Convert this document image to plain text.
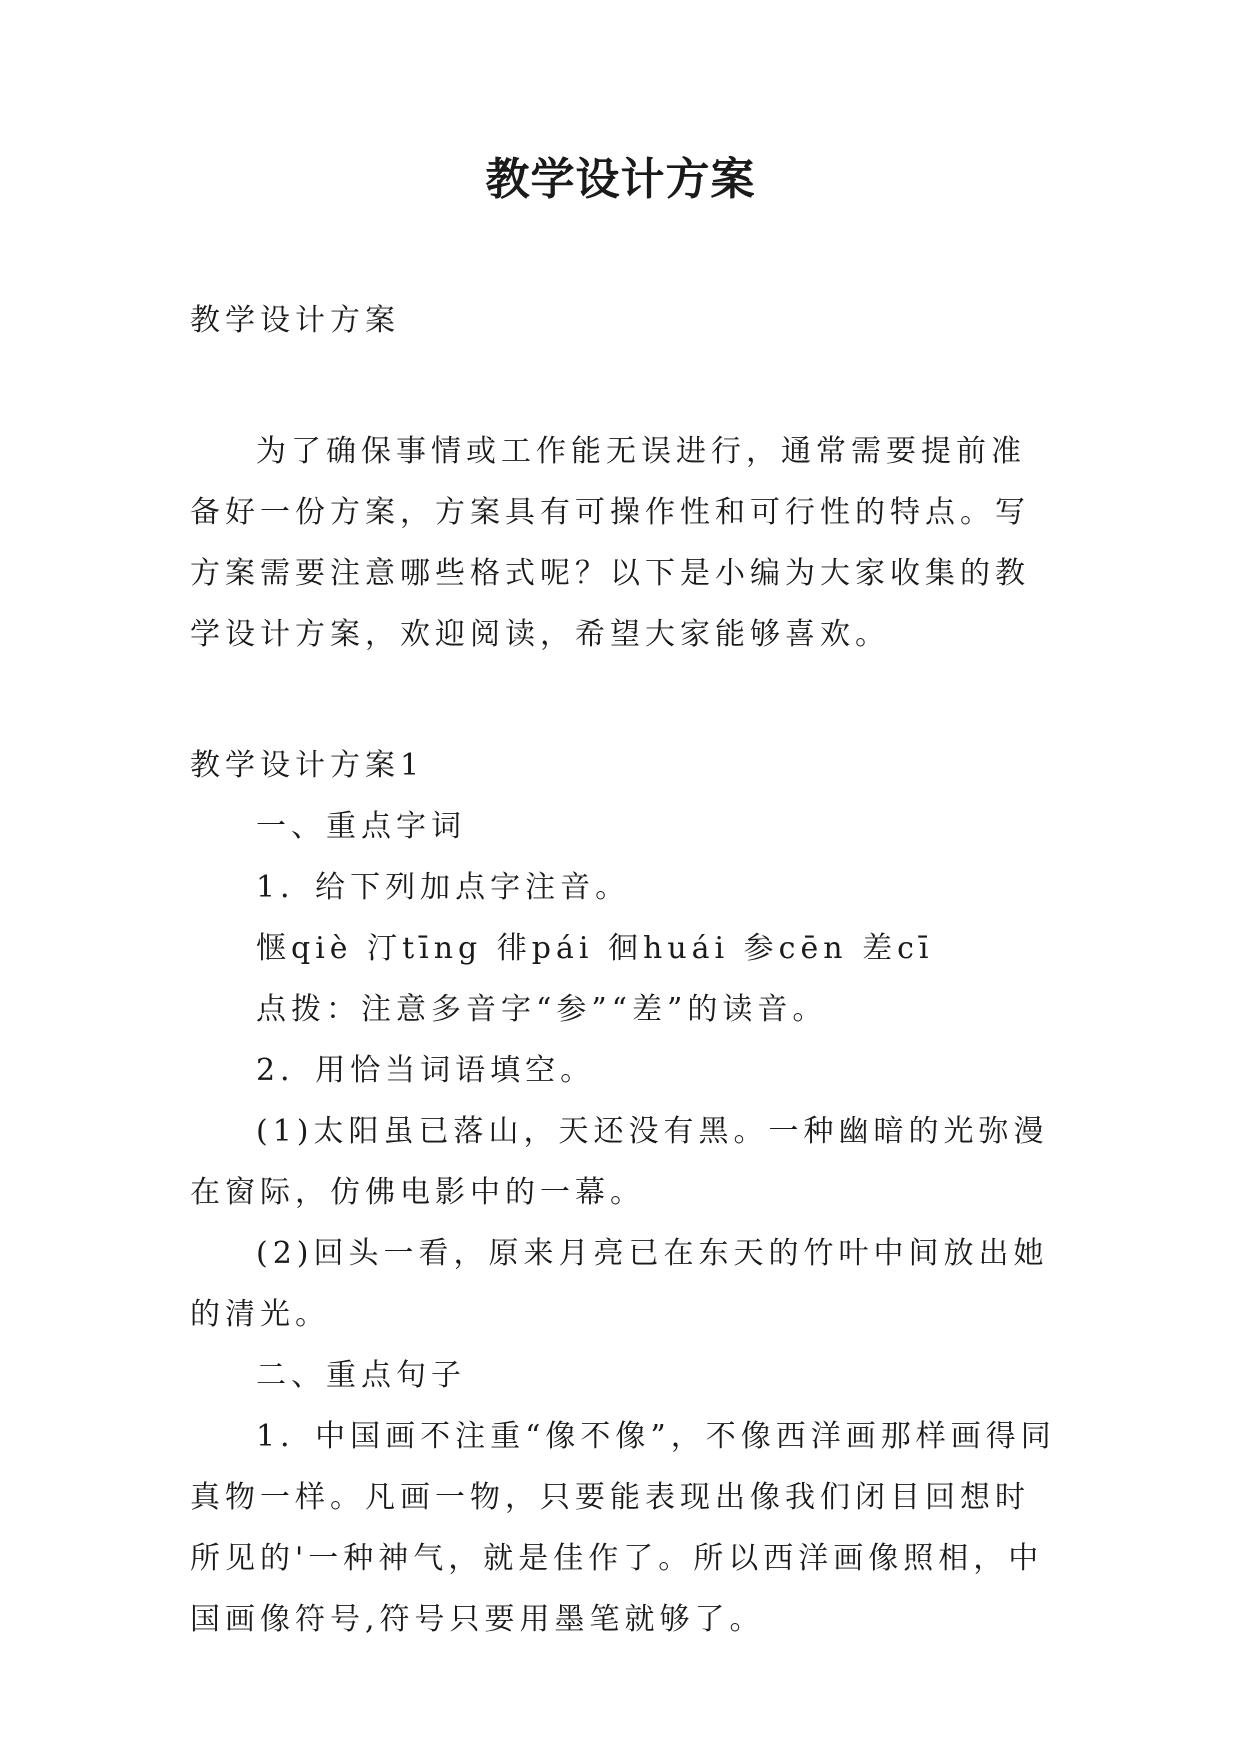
教学设计方案

教学设计方案

为了确保事情或工作能无误进行，通常需要提前准备好一份方案，方案具有可操作性和可行性的特点。写方案需要注意哪些格式呢？以下是小编为大家收集的教学设计方案，欢迎阅读，希望大家能够喜欢。

教学设计方案1

一、重点字词

1．给下列加点字注音。

惬qiè 汀tīng 徘pái 徊huái 参cēn 差cī

点拨：注意多音字“参”“差”的读音。

2．用恰当词语填空。

(1)太阳虽已落山，天还没有黑。一种幽暗的光弥漫在窗际，仿佛电影中的一幕。

(2)回头一看，原来月亮已在东天的竹叶中间放出她的清光。

二、重点句子

1．中国画不注重“像不像”，不像西洋画那样画得同真物一样。凡画一物，只要能表现出像我们闭目回想时所见的'一种神气，就是佳作了。所以西洋画像照相，中国画像符号,符号只要用墨笔就够了。
